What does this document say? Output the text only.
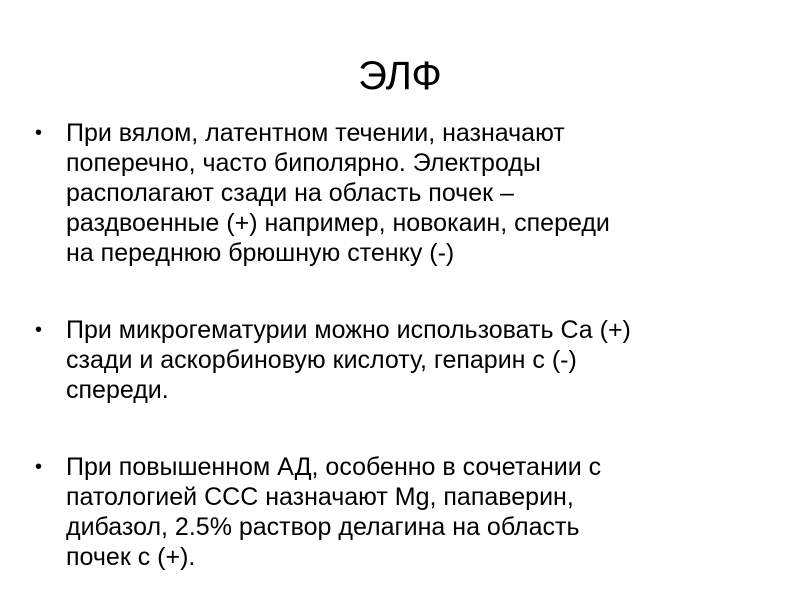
ЭЛФ
• При вялом, латентном течении, назначают
поперечно, часто биполярно. Электроды
располагают сзади на область почек –
раздвоенные (+) например, новокаин, спереди
на переднюю брюшную стенку (-)
• При микрогематурии можно использовать Са (+)
сзади и аскорбиновую кислоту, гепарин с (-)
спереди.
• При повышенном АД, особенно в сочетании с
патологией ССС назначают Mg, папаверин,
дибазол, 2.5% раствор делагина на область
почек с (+).
